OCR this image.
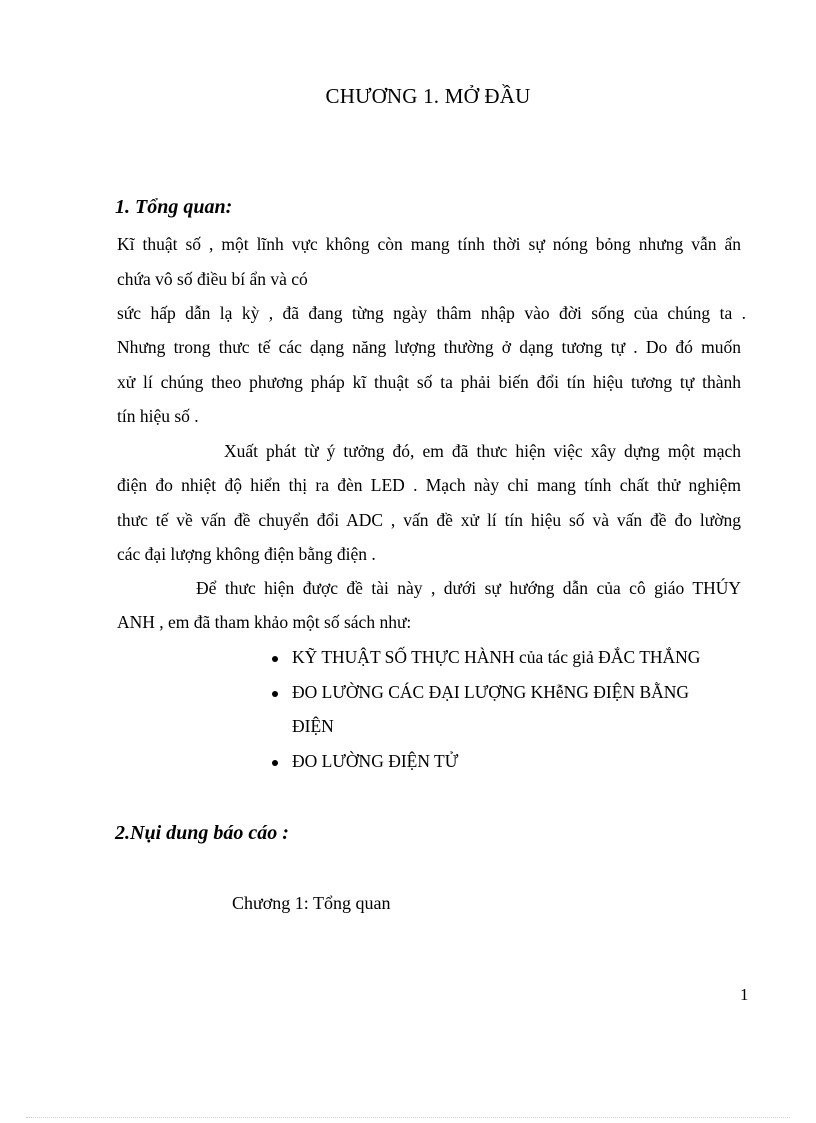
CHƯƠNG 1. MỞ ĐẦU
1. Tổng quan:
Kĩ thuật số , một lĩnh vực không còn mang tính thời sự nóng bỏng nhưng vẫn ẩn
chứa vô số điều bí ẩn và có
sức hấp dẫn lạ kỳ , đã đang từng ngày thâm nhập vào đời sống của chúng ta .
Nhưng trong thưc tế các dạng năng lượng thường ở dạng tương tự . Do đó muốn
xử lí chúng theo phương pháp kĩ thuật số ta phải biến đổi tín hiệu tương tự thành
tín hiệu số .
Xuất phát từ ý tưởng đó, em đã thưc hiện việc xây dựng một mạch
điện đo nhiệt độ hiển thị ra đèn LED . Mạch này chỉ mang tính chất thử nghiệm
thưc tế về vấn đề chuyển đổi ADC , vấn đề xử lí tín hiệu số và vấn đề đo lường
các đại lượng không điện bằng điện .
Để thưc hiện được đề tài này , dưới sự hướng dẫn của cô giáo THÚY
ANH , em đã tham khảo một số sách như:
KỸ THUẬT SỐ THỰC HÀNH của tác giả ĐẮC THẮNG
ĐO LƯỜNG CÁC ĐẠI LƯỢNG KHễNG ĐIỆN BẰNG
ĐIỆN
ĐO LƯỜNG ĐIỆN TỬ
2.Nụi dung báo cáo :
Chương 1: Tổng quan
1
